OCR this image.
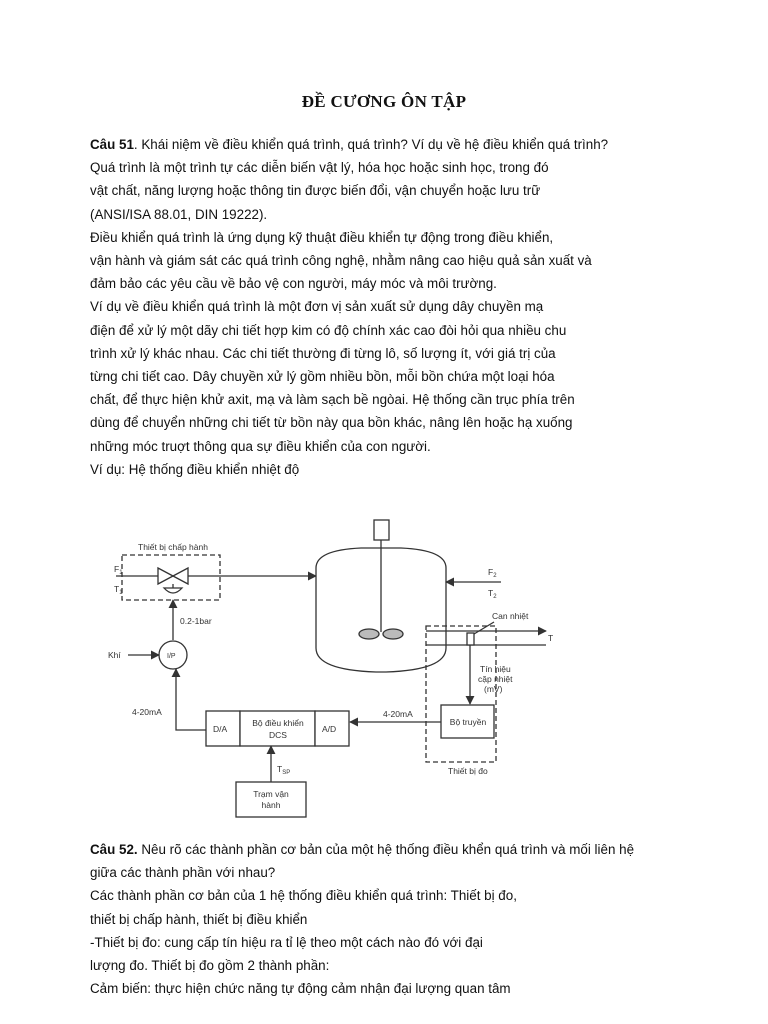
ĐỀ CƯƠNG ÔN TẬP

Câu 51. Khái niệm về điều khiển quá trình, quá trình? Ví dụ về hệ điều khiển quá trình?

Quá trình là một trình tự các diễn biến vật lý, hóa học hoặc sinh học, trong đó

vật chất, năng lượng hoặc thông tin được biến đổi, vận chuyển hoặc lưu trữ

(ANSI/ISA 88.01, DIN 19222).

Điều khiển quá trình là ứng dụng kỹ thuật điều khiển tự động trong điều khiển,

vận hành và giám sát các quá trình công nghệ, nhằm nâng cao hiệu quả sản xuất và

đảm bảo các yêu cầu về bảo vệ con người, máy móc và môi trường.

Ví dụ về điều khiển quá trình là một đơn vị sản xuất sử dụng dây chuyền mạ

điện để xử lý một dãy chi tiết hợp kim có độ chính xác cao đòi hỏi qua nhiều chu

trình xử lý khác nhau. Các chi tiết thường đi từng lô, số lượng ít, với giá trị của

từng chi tiết cao. Dây chuyền xử lý gồm nhiều bồn, mỗi bồn chứa một loại hóa

chất, để thực hiện khử axit, mạ và làm sạch bề ngòai. Hệ thống cần trục phía trên

dùng để chuyển những chi tiết từ bồn này qua bồn khác, nâng lên hoặc hạ xuống

những móc truợt thông qua sự điều khiển của con người.

Ví dụ: Hệ thống điều khiển nhiệt độ

Thiết bị chấp hành
$F_1$
$T_1$
$F_2$
$T_2$
0.2-1bar
Khí	I/P
4-20mA	4-20mA
D/A
Bộ điều khiển
DCS
A/D
Bộ truyền
Can nhiệt
T
Tín hiệu
cặp nhiệt
(mV)
Thiết bị đo
$T_{SP}$
Trạm vận
hành

Câu 52. Nêu rõ các thành phần cơ bản của một hệ thống điều khển quá trình và mối liên hệ

giữa các thành phần với nhau?

Các thành phần cơ bản của 1 hệ thống điều khiển quá trình: Thiết bị đo,

thiết bị chấp hành, thiết bị điều khiển

-Thiết bị đo: cung cấp tín hiệu ra tỉ lệ theo một cách nào đó với đại

lượng đo. Thiết bị đo gồm 2 thành phần:

Cảm biến: thực hiện chức năng tự động cảm nhận đại lượng quan tâm
